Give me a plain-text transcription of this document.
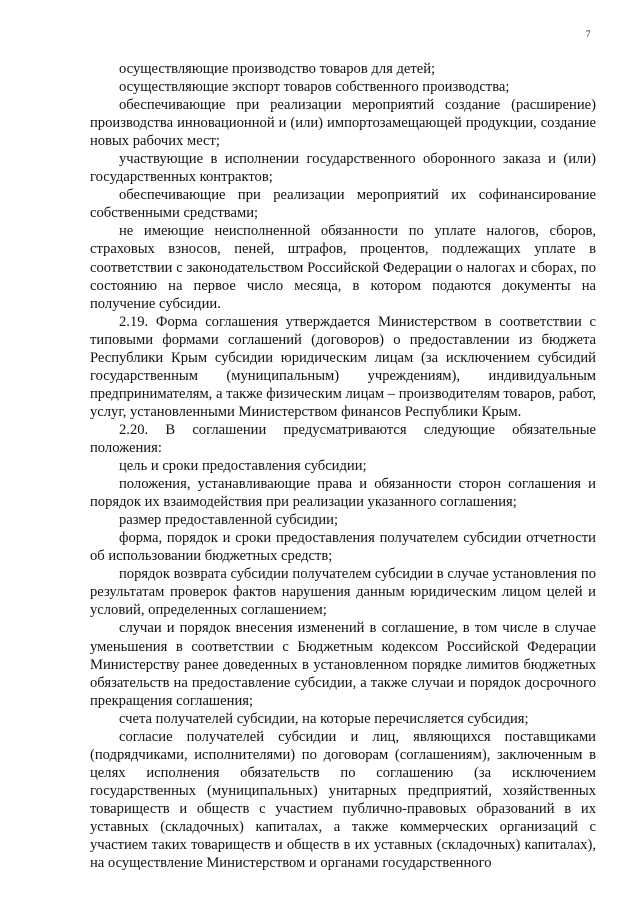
7

осуществляющие производство товаров для детей;

осуществляющие экспорт товаров собственного производства;

обеспечивающие при реализации мероприятий создание (расширение) производства инновационной и (или) импортозамещающей продукции, создание новых рабочих мест;

участвующие в исполнении государственного оборонного заказа и (или) государственных контрактов;

обеспечивающие при реализации мероприятий их софинансирование собственными средствами;

не имеющие неисполненной обязанности по уплате налогов, сборов, страховых взносов, пеней, штрафов, процентов, подлежащих уплате в соответствии с законодательством Российской Федерации о налогах и сборах, по состоянию на первое число месяца, в котором подаются документы на получение субсидии.

2.19. Форма соглашения утверждается Министерством в соответствии с типовыми формами соглашений (договоров) о предоставлении из бюджета Республики Крым субсидии юридическим лицам (за исключением субсидий государственным (муниципальным) учреждениям), индивидуальным предпринимателям, а также физическим лицам – производителям товаров, работ, услуг, установленными Министерством финансов Республики Крым.

2.20. В соглашении предусматриваются следующие обязательные положения:

цель и сроки предоставления субсидии;

положения, устанавливающие права и обязанности сторон соглашения и порядок их взаимодействия при реализации указанного соглашения;

размер предоставленной субсидии;

форма, порядок и сроки предоставления получателем субсидии отчетности об использовании бюджетных средств;

порядок возврата субсидии получателем субсидии в случае установления по результатам проверок фактов нарушения данным юридическим лицом целей и условий, определенных соглашением;

случаи и порядок внесения изменений в соглашение, в том числе в случае уменьшения в соответствии с Бюджетным кодексом Российской Федерации Министерству ранее доведенных в установленном порядке лимитов бюджетных обязательств на предоставление субсидии, а также случаи и порядок досрочного прекращения соглашения;

счета получателей субсидии, на которые перечисляется субсидия;

согласие получателей субсидии и лиц, являющихся поставщиками (подрядчиками, исполнителями) по договорам (соглашениям), заключенным в целях исполнения обязательств по соглашению (за исключением государственных (муниципальных) унитарных предприятий, хозяйственных товариществ и обществ с участием публично-правовых образований в их уставных (складочных) капиталах, а также коммерческих организаций с участием таких товариществ и обществ в их уставных (складочных) капиталах), на осуществление Министерством и органами государственного
